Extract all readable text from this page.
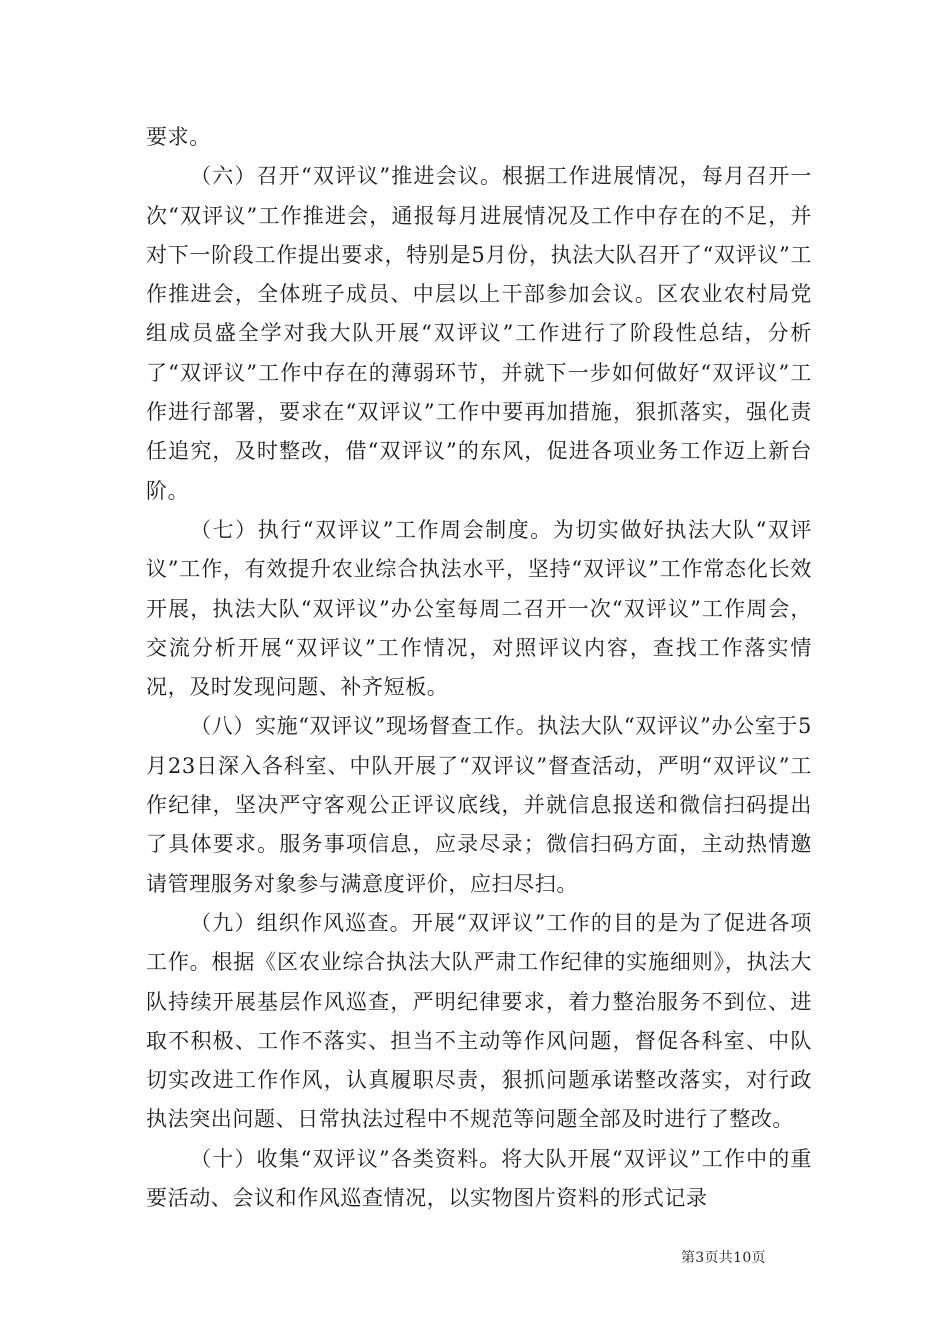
要求。

（六）召开“双评议”推进会议。根据工作进展情况，每月召开一次“双评议”工作推进会，通报每月进展情况及工作中存在的不足，并对下一阶段工作提出要求，特别是5月份，执法大队召开了“双评议”工作推进会，全体班子成员、中层以上干部参加会议。区农业农村局党组成员盛全学对我大队开展“双评议”工作进行了阶段性总结，分析了“双评议”工作中存在的薄弱环节，并就下一步如何做好“双评议”工作进行部署，要求在“双评议”工作中要再加措施，狠抓落实，强化责任追究，及时整改，借“双评议”的东风，促进各项业务工作迈上新台阶。

（七）执行“双评议”工作周会制度。为切实做好执法大队“双评议”工作，有效提升农业综合执法水平，坚持“双评议”工作常态化长效开展，执法大队“双评议”办公室每周二召开一次“双评议”工作周会，交流分析开展“双评议”工作情况，对照评议内容，查找工作落实情况，及时发现问题、补齐短板。

（八）实施“双评议”现场督查工作。执法大队“双评议”办公室于5月23日深入各科室、中队开展了“双评议”督查活动，严明“双评议”工作纪律，坚决严守客观公正评议底线，并就信息报送和微信扫码提出了具体要求。服务事项信息，应录尽录；微信扫码方面，主动热情邀请管理服务对象参与满意度评价，应扫尽扫。

（九）组织作风巡查。开展“双评议”工作的目的是为了促进各项工作。根据《区农业综合执法大队严肃工作纪律的实施细则》，执法大队持续开展基层作风巡查，严明纪律要求，着力整治服务不到位、进取不积极、工作不落实、担当不主动等作风问题，督促各科室、中队切实改进工作作风，认真履职尽责，狠抓问题承诺整改落实，对行政执法突出问题、日常执法过程中不规范等问题全部及时进行了整改。

（十）收集“双评议”各类资料。将大队开展“双评议”工作中的重要活动、会议和作风巡查情况，以实物图片资料的形式记录

第3页共10页
